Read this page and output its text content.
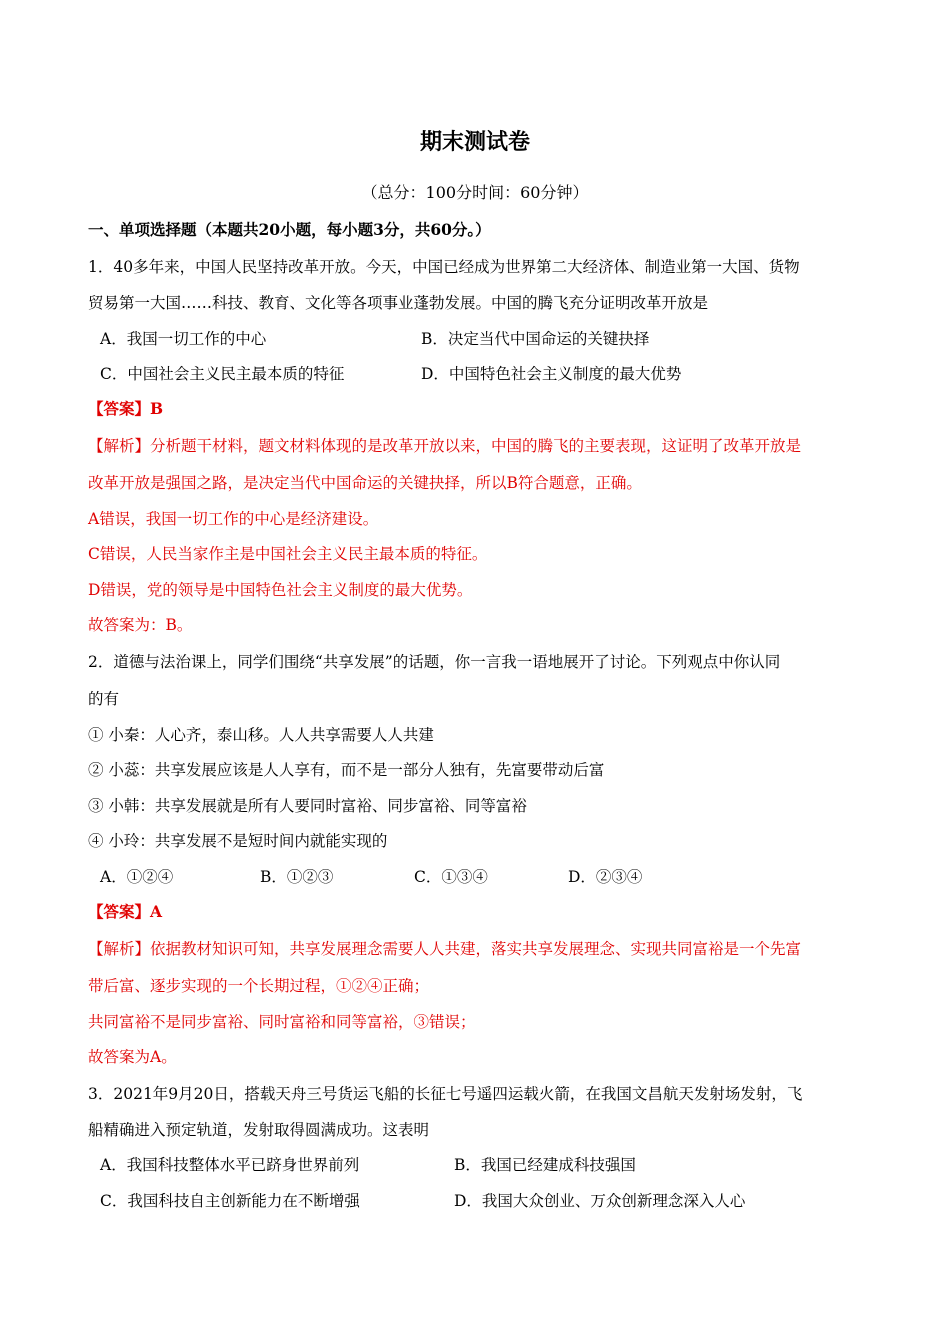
期末测试卷
（总分：100分时间：60分钟）
一、单项选择题（本题共20小题，每小题3分，共60分。）
1．40多年来，中国人民坚持改革开放。今天，中国已经成为世界第二大经济体、制造业第一大国、货物
贸易第一大国……科技、教育、文化等各项事业蓬勃发展。中国的腾飞充分证明改革开放是
A．我国一切工作的中心	B．决定当代中国命运的关键抉择
C．中国社会主义民主最本质的特征	D．中国特色社会主义制度的最大优势
【答案】B
【解析】分析题干材料，题文材料体现的是改革开放以来，中国的腾飞的主要表现，这证明了改革开放是
改革开放是强国之路，是决定当代中国命运的关键抉择，所以B符合题意，正确。
A错误，我国一切工作的中心是经济建设。
C错误，人民当家作主是中国社会主义民主最本质的特征。
D错误，党的领导是中国特色社会主义制度的最大优势。
故答案为：B。
2．道德与法治课上，同学们围绕“共享发展”的话题，你一言我一语地展开了讨论。下列观点中你认同
的有
① 小秦：人心齐，泰山移。人人共享需要人人共建
② 小蕊：共享发展应该是人人享有，而不是一部分人独有，先富要带动后富
③ 小韩：共享发展就是所有人要同时富裕、同步富裕、同等富裕
④ 小玲：共享发展不是短时间内就能实现的
A．①②④	B．①②③	C．①③④	D．②③④
【答案】A
【解析】依据教材知识可知，共享发展理念需要人人共建，落实共享发展理念、实现共同富裕是一个先富
带后富、逐步实现的一个长期过程，①②④正确；
共同富裕不是同步富裕、同时富裕和同等富裕，③错误；
故答案为A。
3．2021年9月20日，搭载天舟三号货运飞船的长征七号遥四运载火箭，在我国文昌航天发射场发射，飞
船精确进入预定轨道，发射取得圆满成功。这表明
A．我国科技整体水平已跻身世界前列	B．我国已经建成科技强国
C．我国科技自主创新能力在不断增强	D．我国大众创业、万众创新理念深入人心
